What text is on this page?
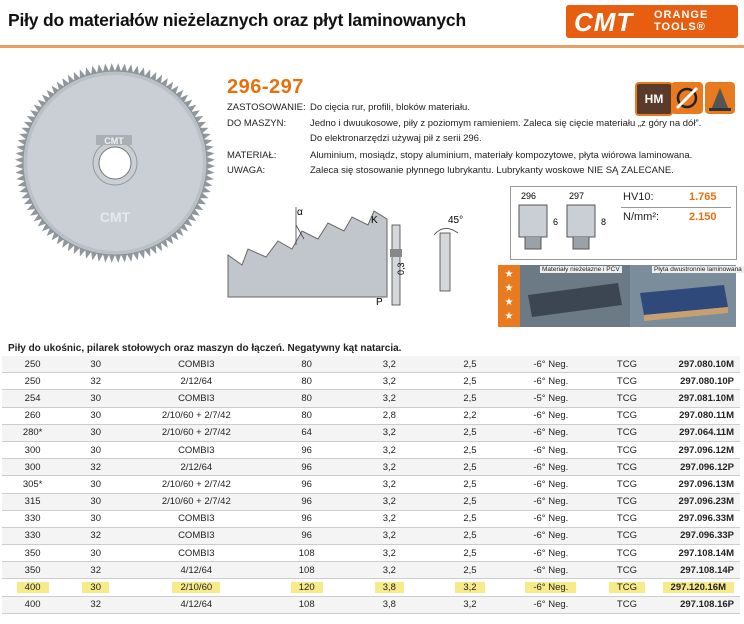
Piły do materiałów nieżelaznych oraz płyt laminowanych	CMT ORANGE
TOOLS®
CMT
CMT
296-297
ZASTOSOWANIE: Do cięcia rur, profili, bloków materiału.
DO MASZYN:	Jedno i dwuukosowe, piły z poziomym ramieniem. Zaleca się cięcie materiału „z góry na dół”.
Do elektronarzędzi używaj pił z serii 296.
MATERIAŁ:	Aluminium, mosiądz, stopy aluminium, materiały kompozytowe, płyta wiórowa laminowana.
UWAGA:	Zaleca się stosowanie płynnego lubrykantu. Lubrykanty woskowe NIE SĄ ZALECANE.
HM
α
K
0,3
P
45°
296	297
6	8
HV10:	1.765
N/mm²:	2.150
★
★
★
★
Materiały nieżelazne i PCV	Płyta dwustronnie laminowana
Piły do ukośnic, pilarek stołowych oraz maszyn do łączeń. Negatywny kąt natarcia.
250	30	COMBI3	80	3,2	2,5	-6° Neg.	TCG	297.080.10M
250	32	2/12/64	80	3,2	2,5	-6° Neg.	TCG	297.080.10P
254	30	COMBI3	80	3,2	2,5	-5° Neg.	TCG	297.081.10M
260	30	2/10/60 + 2/7/42	80	2,8	2,2	-6° Neg.	TCG	297.080.11M
280*	30	2/10/60 + 2/7/42	64	3,2	2,5	-6° Neg.	TCG	297.064.11M
300	30	COMBI3	96	3,2	2,5	-6° Neg.	TCG	297.096.12M
300	32	2/12/64	96	3,2	2,5	-6° Neg.	TCG	297.096.12P
305*	30	2/10/60 + 2/7/42	96	3,2	2,5	-6° Neg.	TCG	297.096.13M
315	30	2/10/60 + 2/7/42	96	3,2	2,5	-6° Neg.	TCG	297.096.23M
330	30	COMBI3	96	3,2	2,5	-6° Neg.	TCG	297.096.33M
330	32	COMBI3	96	3,2	2,5	-6° Neg.	TCG	297.096.33P
350	30	COMBI3	108	3,2	2,5	-6° Neg.	TCG	297.108.14M
350	32	4/12/64	108	3,2	2,5	-6° Neg.	TCG	297.108.14P
400	30	2/10/60	120	3,8	3,2	-6° Neg.	TCG	297.120.16M
400	32	4/12/64	108	3,8	3,2	-6° Neg.	TCG	297.108.16P
